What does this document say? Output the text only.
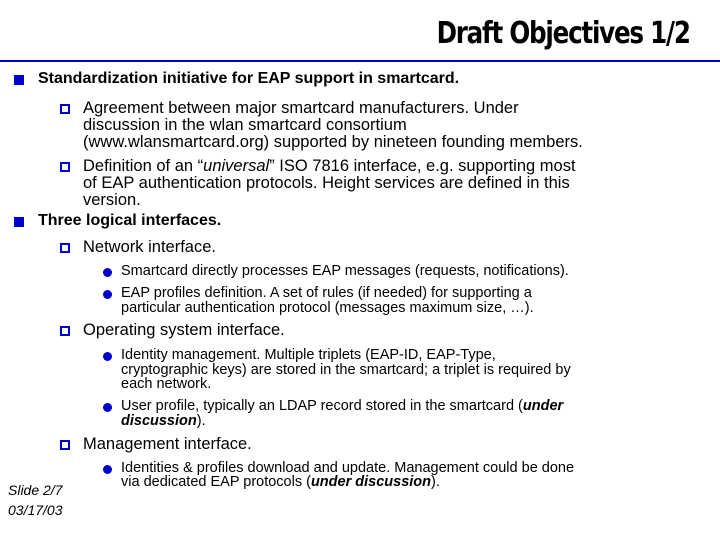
Draft Objectives 1/2
Standardization initiative for EAP support in smartcard.
Agreement between major smartcard manufacturers. Under
discussion in the wlan smartcard consortium
(www.wlansmartcard.org) supported by nineteen founding members.
Definition of an “universal” ISO 7816 interface, e.g. supporting most
of EAP authentication protocols. Height services are defined in this
version.
Three logical interfaces.
Network interface.
Smartcard directly processes EAP messages (requests, notifications).
EAP profiles definition. A set of rules (if needed) for supporting a
particular authentication protocol (messages maximum size, …).
Operating system interface.
Identity management. Multiple triplets (EAP-ID, EAP-Type,
cryptographic keys) are stored in the smartcard; a triplet is required by
each network.
User profile, typically an LDAP record stored in the smartcard (under
discussion).
Management interface.
Identities & profiles download and update. Management could be done
via dedicated EAP protocols (under discussion).
Slide 2/7
03/17/03
